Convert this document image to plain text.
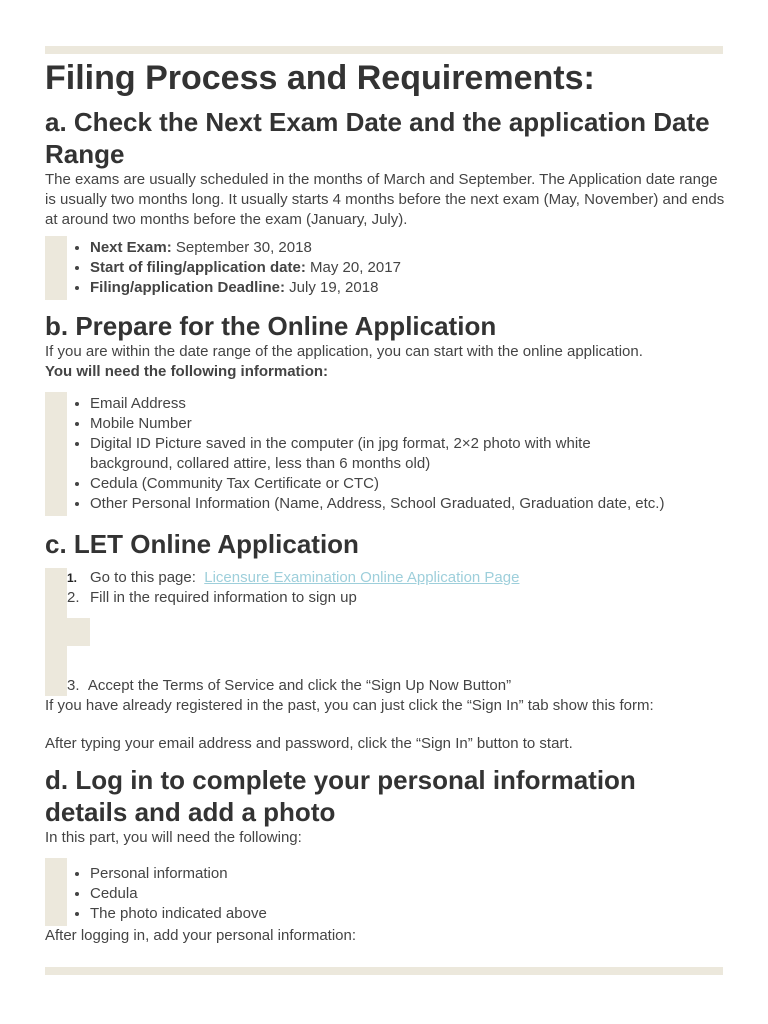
Filing Process and Requirements:
a. Check the Next Exam Date and the application Date Range

The exams are usually scheduled in the months of March and September. The Application date range is usually two months long. It usually starts 4 months before the next exam (May, November) and ends at around two months before the exam (January, July).

• Next Exam: September 30, 2018
• Start of filing/application date: May 20, 2017
• Filing/application Deadline: July 19, 2018
b. Prepare for the Online Application

If you are within the date range of the application, you can start with the online application.

You will need the following information:

• Email Address
• Mobile Number
• Digital ID Picture saved in the computer (in jpg format, 2×2 photo with white background, collared attire, less than 6 months old)
• Cedula (Community Tax Certificate or CTC)
• Other Personal Information (Name, Address, School Graduated, Graduation date, etc.)
c. LET Online Application
1. Go to this page:  Licensure Examination Online Application Page
2. Fill in the required information to sign up
3. Accept the Terms of Service and click the “Sign Up Now Button”

If you have already registered in the past, you can just click the “Sign In” tab show this form:

After typing your email address and password, click the “Sign In” button to start.

d. Log in to complete your personal information details and add a photo

In this part, you will need the following:

• Personal information
• Cedula
• The photo indicated above

After logging in, add your personal information:
